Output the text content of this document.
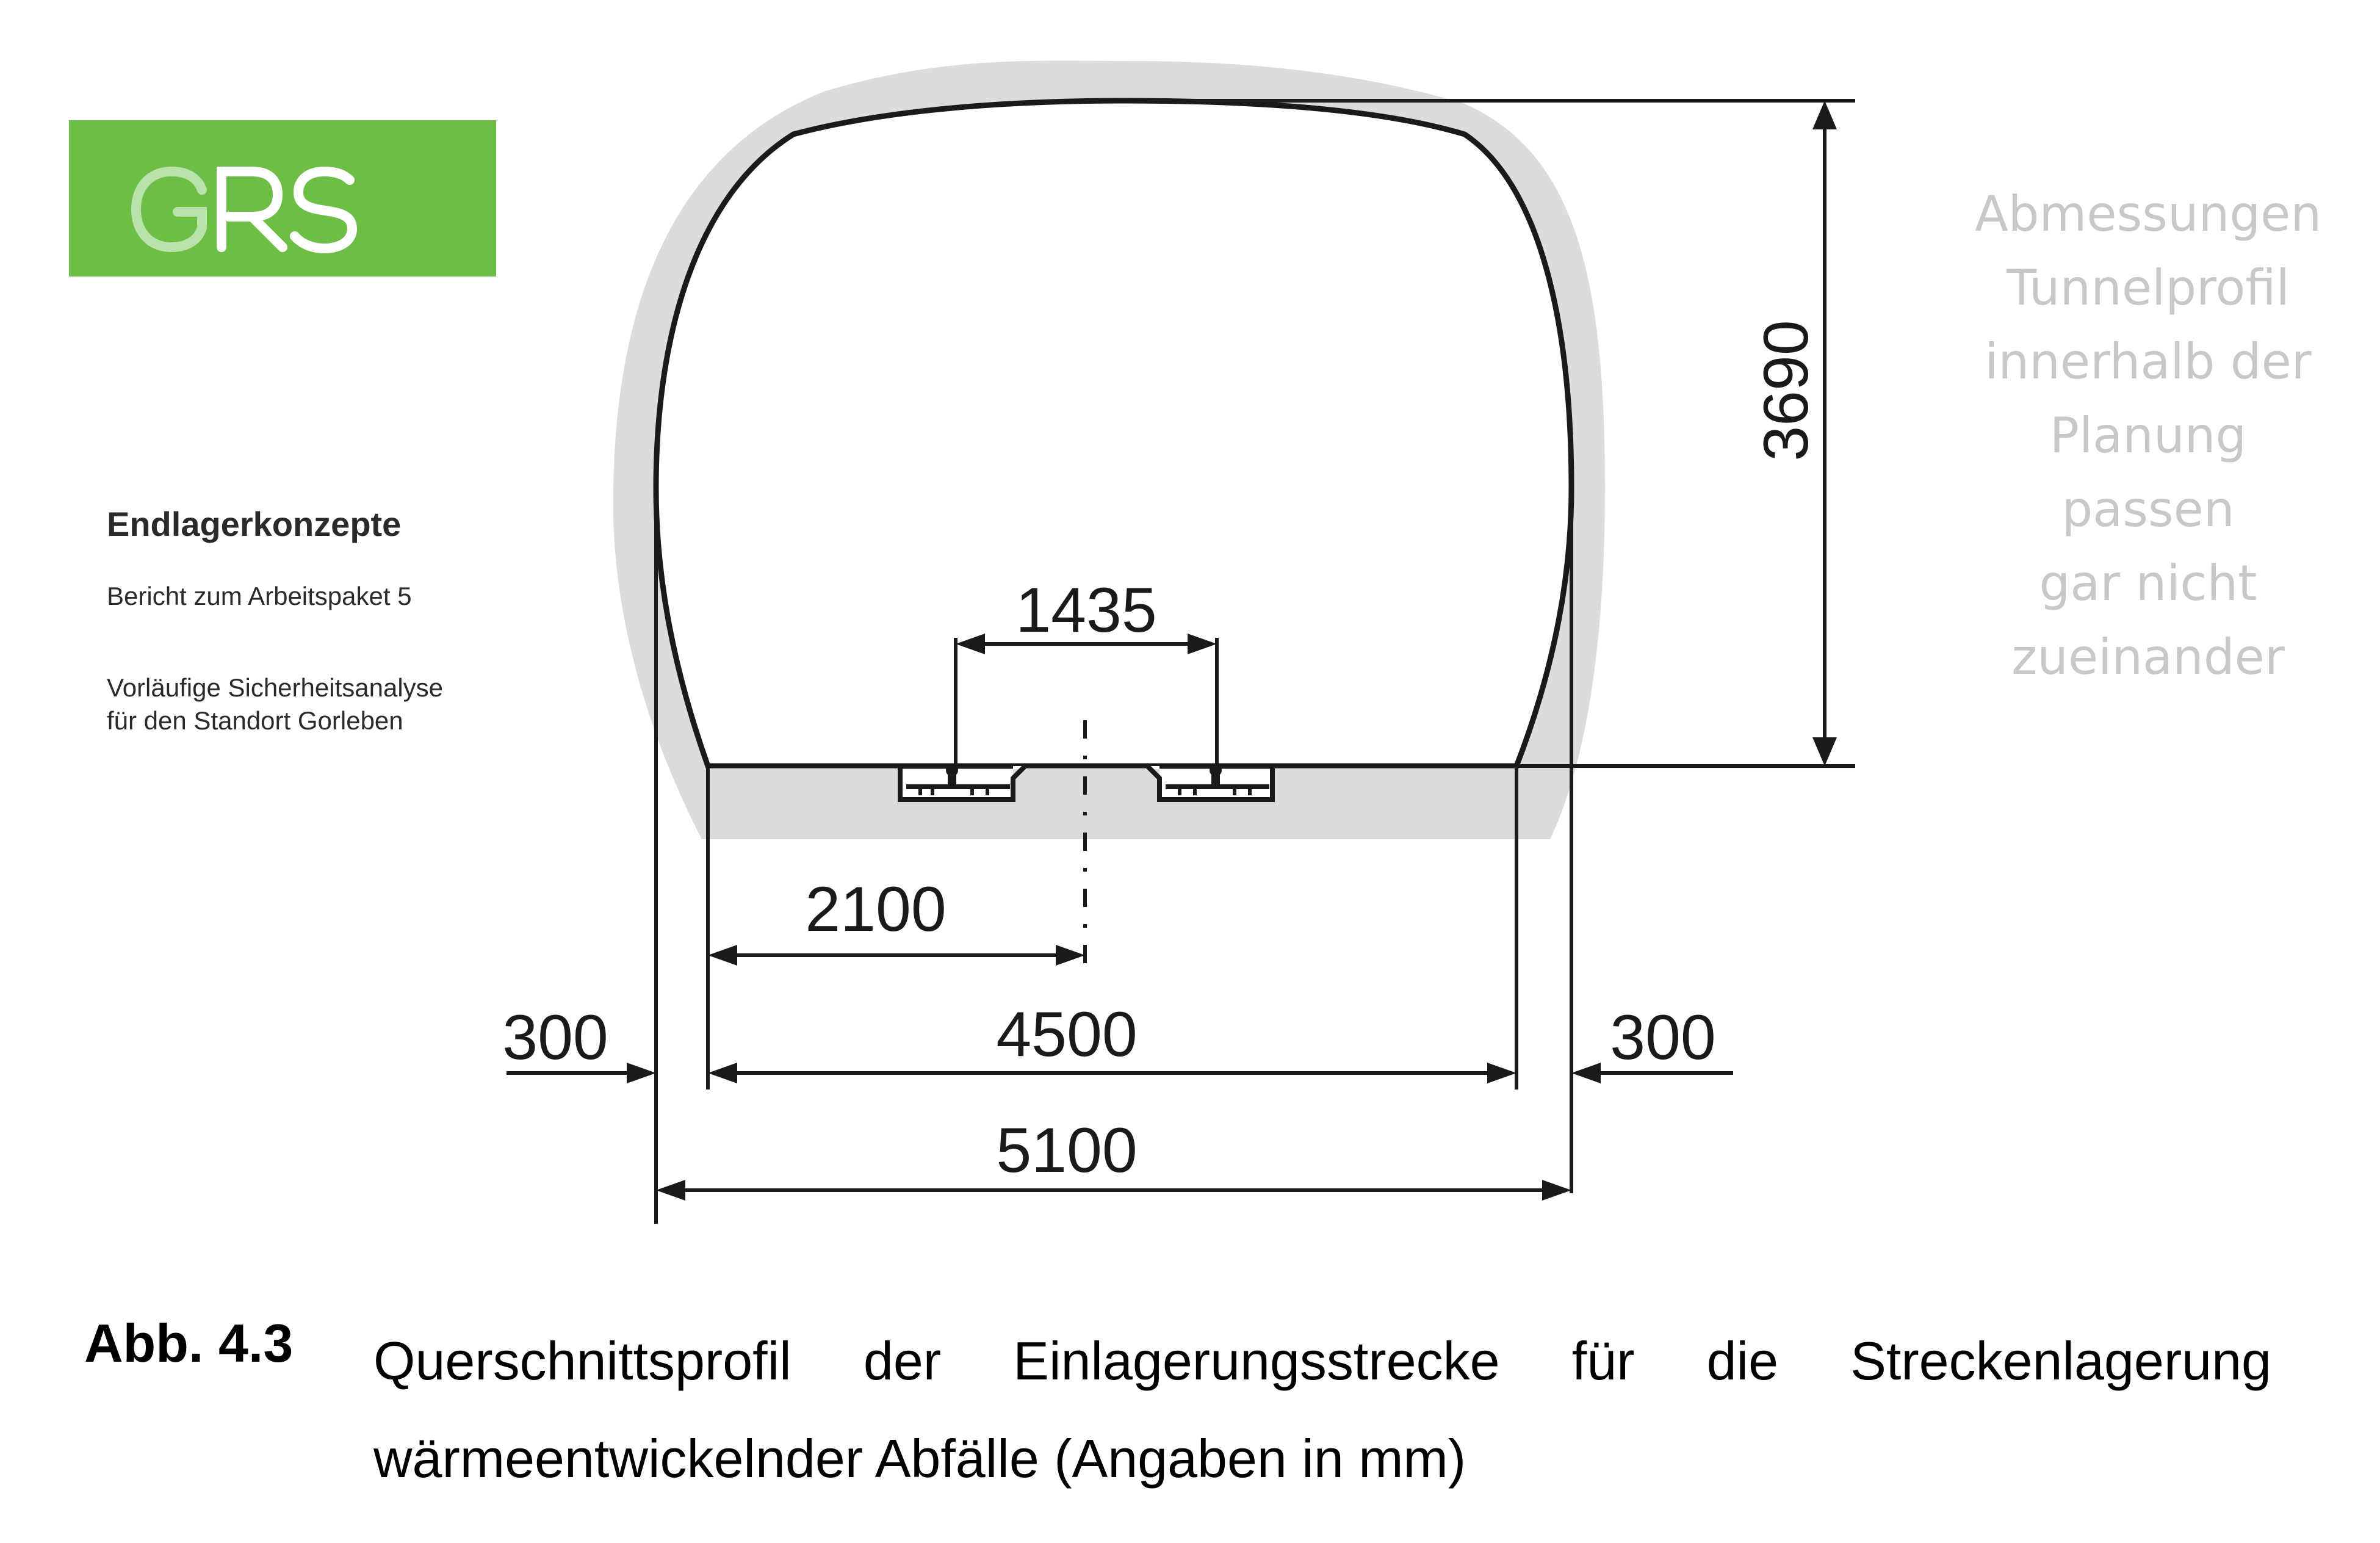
Endlagerkonzepte
Bericht zum Arbeitspaket 5
Vorläufige Sicherheitsanalyse
für den Standort Gorleben
3690
1435
2100
4500
5100
300	300
Abmessungen
Tunnelprofil
innerhalb der
Planung
passen
gar nicht
zueinander
Abb. 4.3 Querschnittsprofil der Einlagerungsstrecke für die Streckenlagerung wärmeentwickelnder Abfälle (Angaben in mm)
